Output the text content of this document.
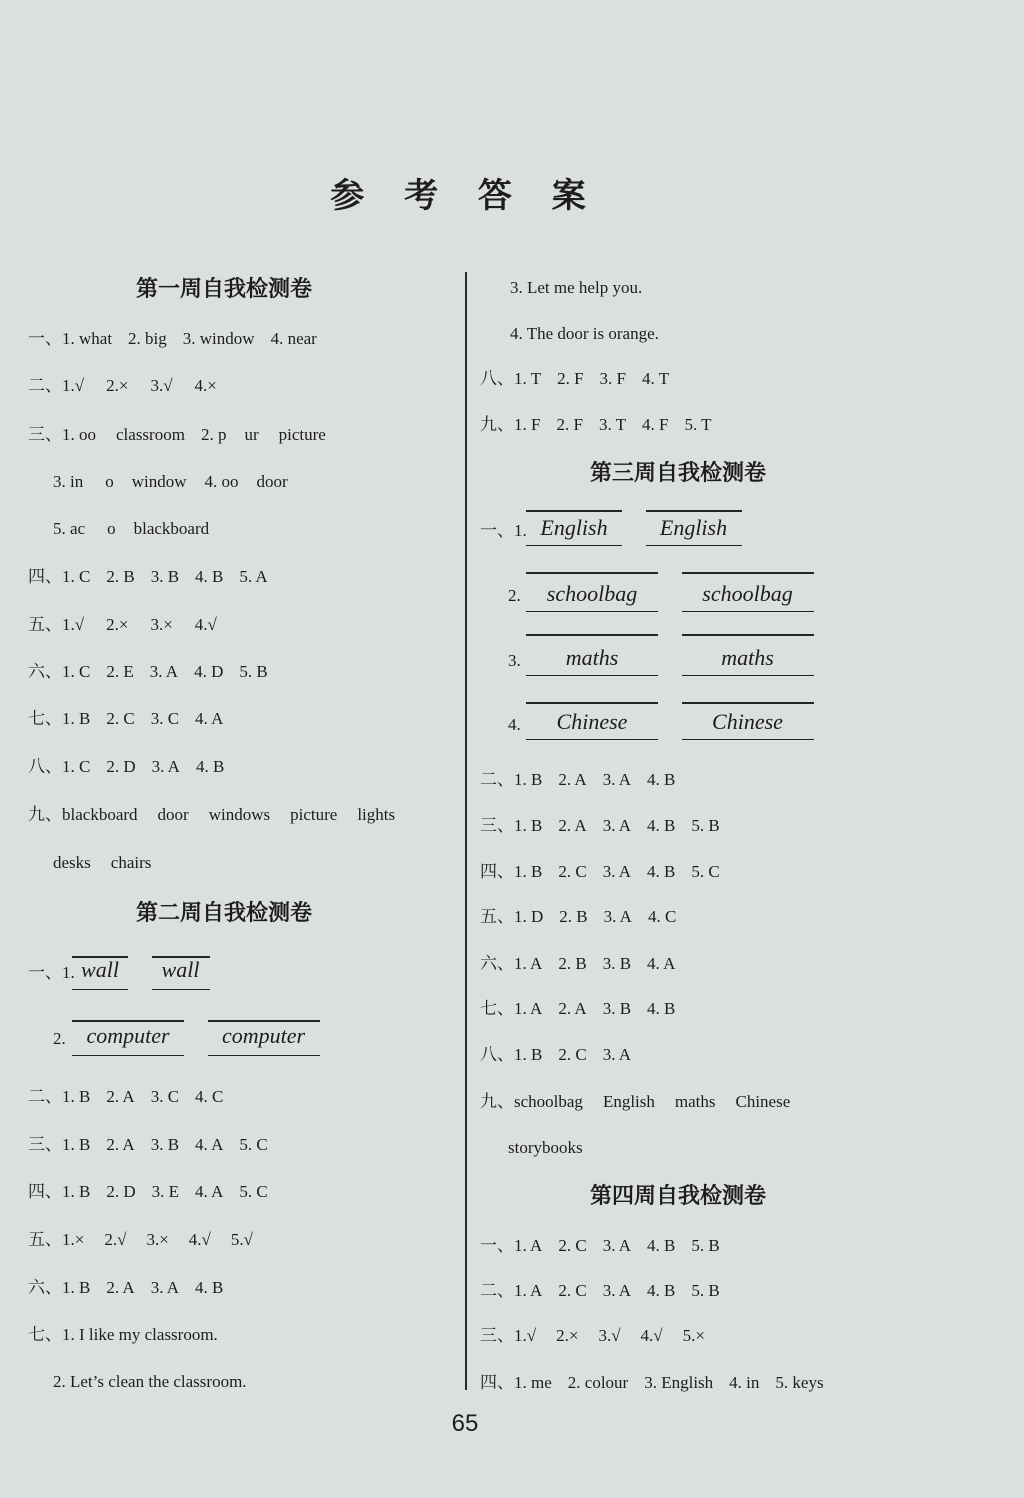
参 考 答 案
第一周自我检测卷
一、1. what 2. big 3. window 4. near
二、1.√ 2.× 3.√ 4.×
三、1. oo classroom 2. p ur picture
3. in o window 4. oo door
5. ac o blackboard
四、1. C 2. B 3. B 4. B 5. A
五、1.√ 2.× 3.× 4.√
六、1. C 2. E 3. A 4. D 5. B
七、1. B 2. C 3. C 4. A
八、1. C 2. D 3. A 4. B
九、blackboard door windows picture lights
desks chairs
第二周自我检测卷
一、1. wall
wall
2. computer
computer
二、1. B 2. A 3. C 4. C
三、1. B 2. A 3. B 4. A 5. C
四、1. B 2. D 3. E 4. A 5. C
五、1.× 2.√ 3.× 4.√ 5.√
六、1. B 2. A 3. A 4. B
七、1. I like my classroom.
2. Let’s clean the classroom.
3. Let me help you.
4. The door is orange.
八、1. T 2. F 3. F 4. T
九、1. F 2. F 3. T 4. F 5. T
第三周自我检测卷
一、1. English
English
2.	schoolbag
	schoolbag
3.	maths
	maths
4.	Chinese
	Chinese
二、1. B 2. A 3. A 4. B
三、1. B 2. A 3. A 4. B 5. B
四、1. B 2. C 3. A 4. B 5. C
五、1. D 2. B 3. A 4. C
六、1. A 2. B 3. B 4. A
七、1. A 2. A 3. B 4. B
八、1. B 2. C 3. A
九、schoolbag English maths Chinese
storybooks
第四周自我检测卷
一、1. A 2. C 3. A 4. B 5. B
二、1. A 2. C 3. A 4. B 5. B
三、1.√ 2.× 3.√ 4.√ 5.×
四、1. me 2. colour 3. English 4. in 5. keys
65
